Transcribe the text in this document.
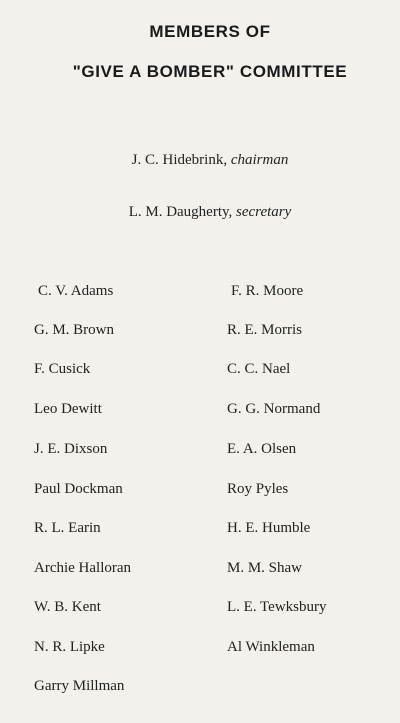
MEMBERS OF
"GIVE A BOMBER" COMMITTEE
J. C. Hidebrink, chairman
L. M. Daugherty, secretary
C. V. Adams
G. M. Brown
F. Cusick
Leo Dewitt
J. E. Dixson
Paul Dockman
R. L. Earin
Archie Halloran
W. B. Kent
N. R. Lipke
Garry Millman
F. R. Moore
R. E. Morris
C. C. Nael
G. G. Normand
E. A. Olsen
Roy Pyles
H. E. Humble
M. M. Shaw
L. E. Tewksbury
Al Winkleman
